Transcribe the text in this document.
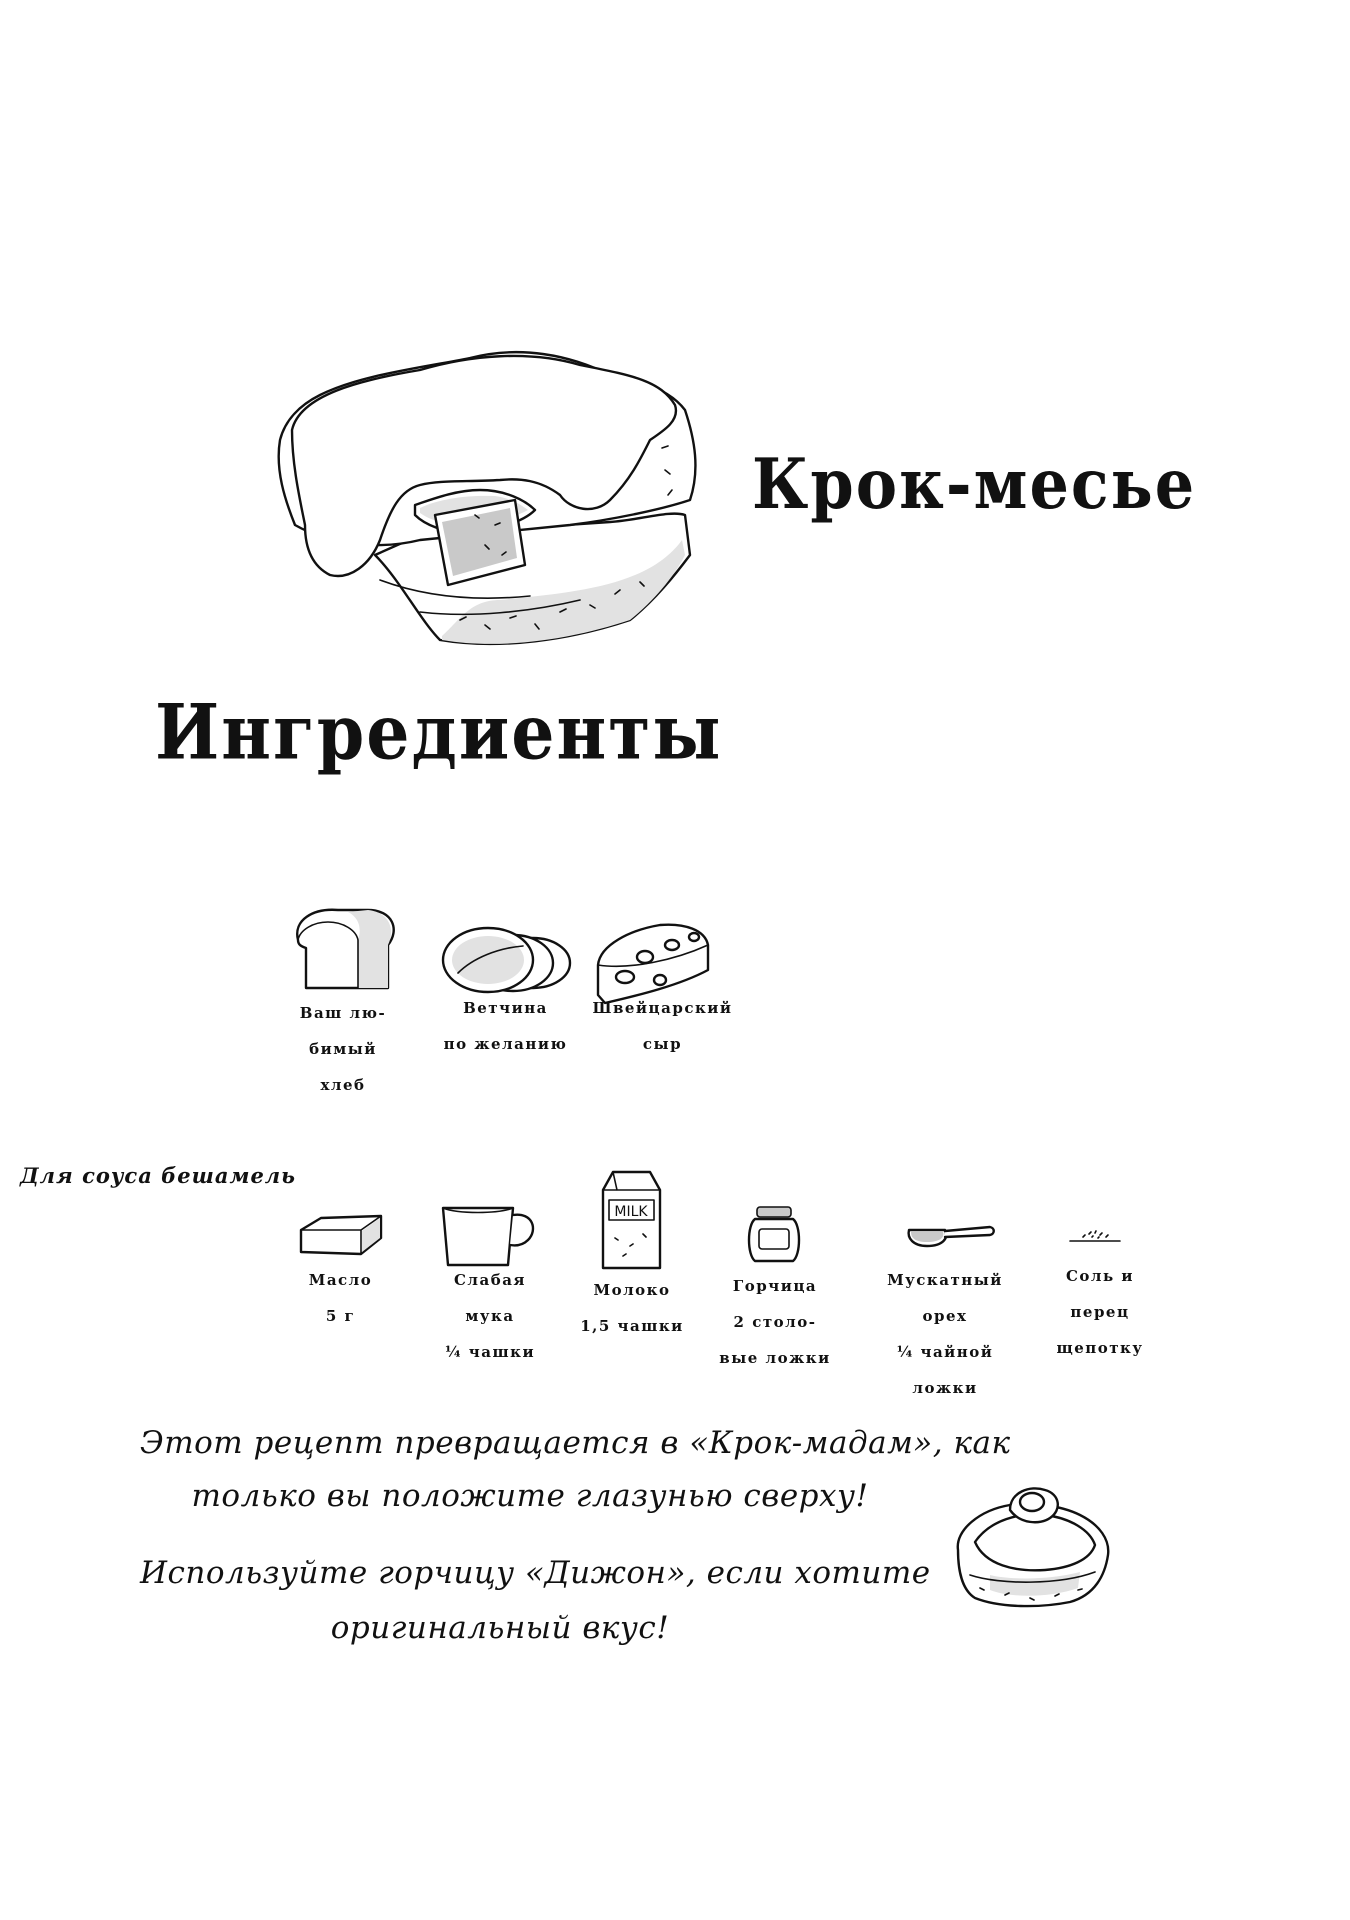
Крок-месье
Ингредиенты
Ваш лю-
бимый
хлеб
Ветчина
по желанию
Швейцарский
сыр
Для соуса бешамель
MILK
Масло
5 г
Слабая
мука
¼ чашки
Молоко
1,5 чашки
Горчица
2 столо-
вые ложки
Мускатный
орех
¼ чайной
ложки
Соль и
перец
щепотку
Этот рецепт превращается в «Крок-мадам», как
только вы положите глазунью сверху!
Используйте горчицу «Дижон», если хотите
оригинальный вкус!
